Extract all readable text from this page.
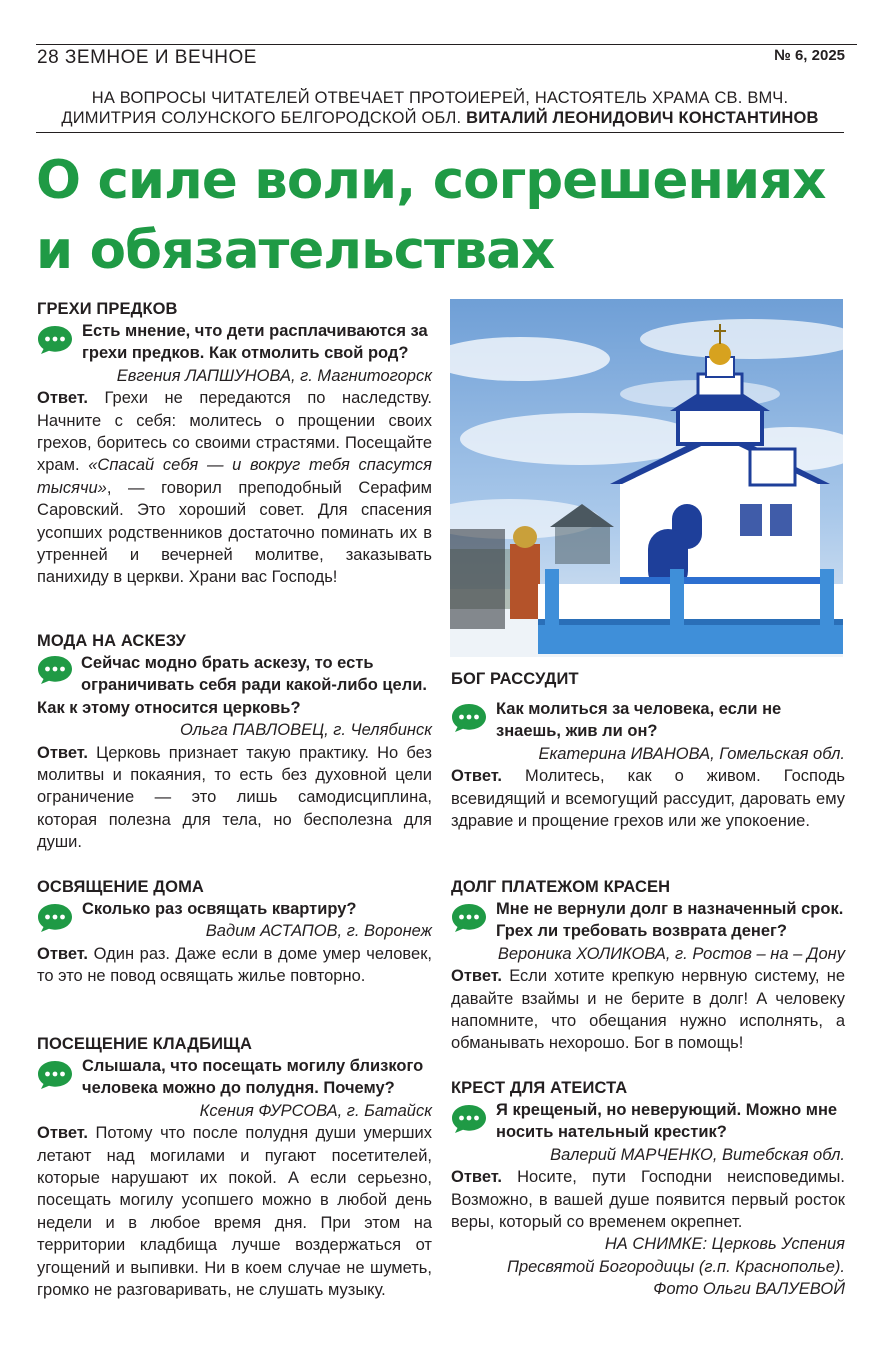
28 ЗЕМНОЕ И ВЕЧНОЕ	№ 6, 2025
НА ВОПРОСЫ ЧИТАТЕЛЕЙ ОТВЕЧАЕТ ПРОТОИЕРЕЙ, НАСТОЯТЕЛЬ ХРАМА СВ. ВМЧ.
ДИМИТРИЯ СОЛУНСКОГО БЕЛГОРОДСКОЙ ОБЛ. ВИТАЛИЙ ЛЕОНИДОВИЧ КОНСТАНТИНОВ
О силе воли, согрешениях
и обязательствах
ГРЕХИ ПРЕДКОВ
Есть мнение, что дети расплачиваются за грехи предков. Как отмолить свой род?
Евгения ЛАПШУНОВА, г. Магнитогорск
Ответ. Грехи не передаются по наследству. Начните с себя: молитесь о прощении своих грехов, боритесь со своими страстями. Посещайте храм. «Спасай себя — и вокруг тебя спасутся тысячи», — говорил преподобный Серафим Саровский. Это хороший совет. Для спасения усопших родственников достаточно поминать их в утренней и вечерней молитве, заказывать панихиду в церкви. Храни вас Господь!
МОДА НА АСКЕЗУ
Сейчас модно брать аскезу, то есть ограничивать себя ради какой-либо цели. Как к этому относится церковь?
Ольга ПАВЛОВЕЦ, г. Челябинск
Ответ. Церковь признает такую практику. Но без молитвы и покаяния, то есть без духовной цели ограничение — это лишь самодисциплина, которая полезна для тела, но бесполезна для души.
ОСВЯЩЕНИЕ ДОМА
Сколько раз освящать квартиру?
Вадим АСТАПОВ, г. Воронеж
Ответ. Один раз. Даже если в доме умер человек, то это не повод освящать жилье повторно.
ПОСЕЩЕНИЕ КЛАДБИЩА
Слышала, что посещать могилу близкого человека можно до полудня. Почему?
Ксения ФУРСОВА, г. Батайск
Ответ. Потому что после полудня души умерших летают над могилами и пугают посетителей, которые нарушают их покой. А если серьезно, посещать могилу усопшего можно в любой день недели и в любое время дня. При этом на территории кладбища лучше воздержаться от угощений и выпивки. Ни в коем случае не шуметь, громко не разговаривать, не слушать музыку.
БОГ РАССУДИТ
Как молиться за человека, если не знаешь, жив ли он?
Екатерина ИВАНОВА, Гомельская обл.
Ответ. Молитесь, как о живом. Господь всевидящий и всемогущий рассудит, даровать ему здравие и прощение грехов или же упокоение.
ДОЛГ ПЛАТЕЖОМ КРАСЕН
Мне не вернули долг в назначенный срок. Грех ли требовать возврата денег?
Вероника ХОЛИКОВА, г. Ростов – на – Дону
Ответ. Если хотите крепкую нервную систему, не давайте взаймы и не берите в долг! А человеку напомните, что обещания нужно исполнять, а обманывать нехорошо. Бог в помощь!
КРЕСТ ДЛЯ АТЕИСТА
Я крещеный, но неверующий. Можно мне носить нательный крестик?
Валерий МАРЧЕНКО, Витебская обл.
Ответ. Носите, пути Господни неисповедимы. Возможно, в вашей душе появится первый росток веры, который со временем окрепнет.
НА СНИМКЕ: Церковь Успения
Пресвятой Богородицы (г.п. Краснополье).
Фото Ольги ВАЛУЕВОЙ
